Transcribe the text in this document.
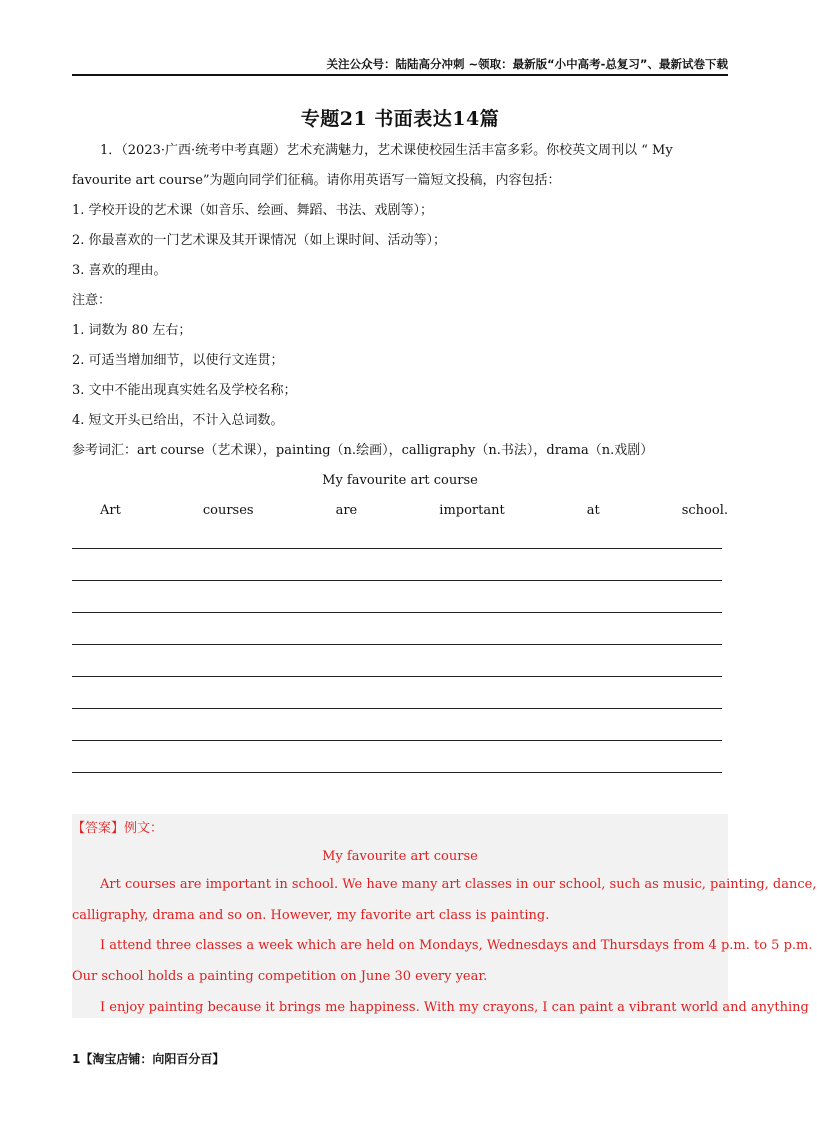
关注公众号：陆陆高分冲刺 ~领取：最新版“小中高考-总复习”、最新试卷下载
专题21 书面表达14篇
1．（2023·广西·统考中考真题）艺术充满魅力，艺术课使校园生活丰富多彩。你校英文周刊以 “ My
favourite art course”为题向同学们征稿。请你用英语写一篇短文投稿，内容包括：
1. 学校开设的艺术课（如音乐、绘画、舞蹈、书法、戏剧等）；
2. 你最喜欢的一门艺术课及其开课情况（如上课时间、活动等）；
3. 喜欢的理由。
注意：
1. 词数为 80 左右；
2. 可适当增加细节，以使行文连贯；
3. 文中不能出现真实姓名及学校名称；
4. 短文开头已给出，不计入总词数。
参考词汇：art course（艺术课），painting（n.绘画），calligraphy（n.书法），drama（n.戏剧）
My favourite art course
Art	courses	are	important	at	school.
【答案】例文：
My favourite art course
Art courses are important in school. We have many art classes in our school, such as music, painting, dance,
calligraphy, drama and so on. However, my favorite art class is painting.
I attend three classes a week which are held on Mondays, Wednesdays and Thursdays from 4 p.m. to 5 p.m.
Our school holds a painting competition on June 30 every year.
I enjoy painting because it brings me happiness. With my crayons, I can paint a vibrant world and anything
1【淘宝店铺：向阳百分百】
